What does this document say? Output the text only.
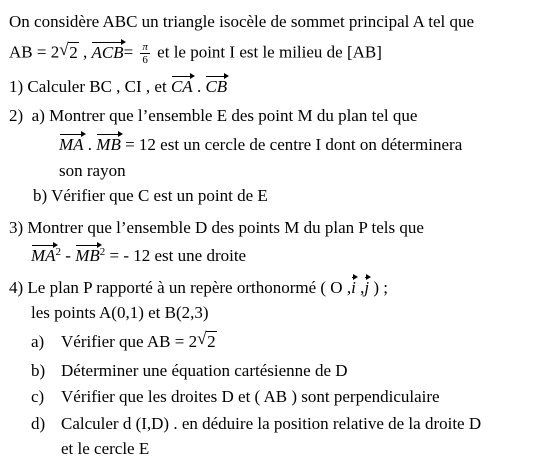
On considère ABC un triangle isocèle de sommet principal A tel que
AB = 2 √ 2 , $ACB= \frac{\pi}{6}$ et le point I est le milieu de [AB]
1) Calculer BC , CI , et CA . CB
2) a) Montrer que l’ensemble E des point M du plan tel que
MA . MB = 12 est un cercle de centre I dont on déterminera
son rayon
b) Vérifier que C est un point de E
3) Montrer que l’ensemble D des points M du plan P tels que
$MA^2 - MB^2$ = - 12 est une droite
4) Le plan P rapporté à un repère orthonormé ( O ,i ,j ) ;
les points A(0,1) et B(2,3)
a) Vérifier que AB = 2 √ 2
b) Déterminer une équation cartésienne de D
c) Vérifier que les droites D et ( AB ) sont perpendiculaire
d) Calculer d (I,D) . en déduire la position relative de la droite D
et le cercle E
